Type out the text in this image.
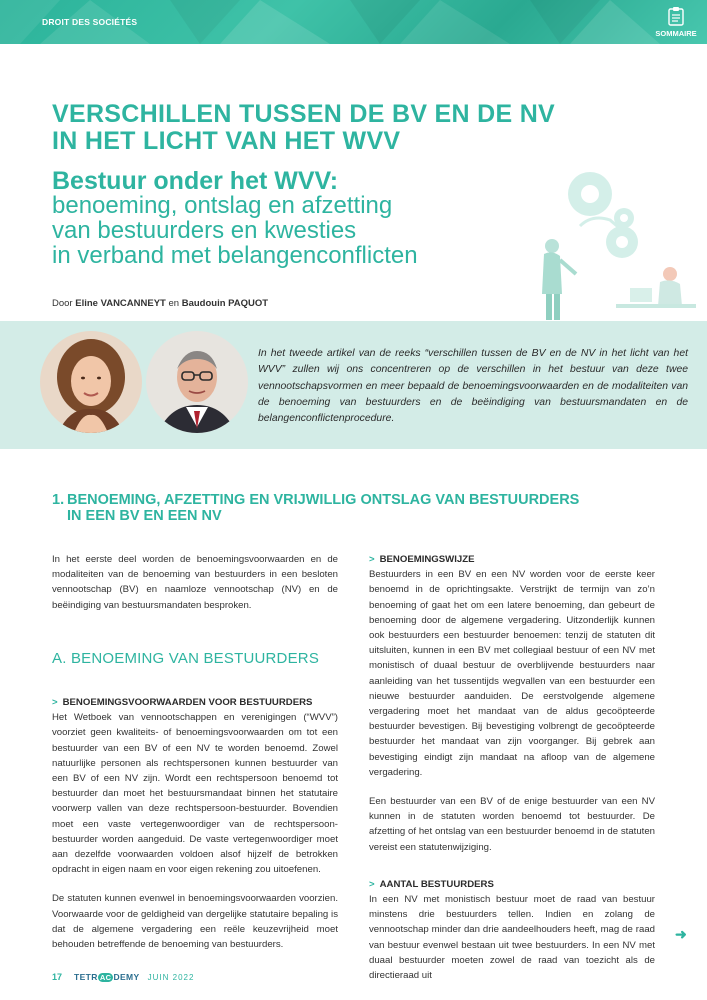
DROIT DES SOCIÉTÉS
SOMMAIRE
VERSCHILLEN TUSSEN DE BV EN DE NV
IN HET LICHT VAN HET WVV
Bestuur onder het WVV:
benoeming, ontslag en afzetting
van bestuurders en kwesties
in verband met belangenconflicten
Door Eline VANCANNEYT en Baudouin PAQUOT
In het tweede artikel van de reeks “verschillen tussen de BV en de NV in het licht van het WVV” zullen wij ons concentreren op de verschillen in het bestuur van deze twee vennootschapsvormen en meer bepaald de benoemingsvoorwaarden en de modaliteiten van de benoeming van bestuurders en de beëindiging van bestuursmandaten en de belangenconflictenprocedure.
1. BENOEMING, AFZETTING EN VRIJWILLIG ONTSLAG VAN BESTUURDERS
IN EEN BV EN EEN NV
In het eerste deel worden de benoemingsvoorwaarden en de modaliteiten van de benoeming van bestuurders in een besloten vennootschap (BV) en naamloze vennootschap (NV) en de beëindiging van bestuursmandaten besproken.
A. BENOEMING VAN BESTUURDERS
> BENOEMINGSVOORWAARDEN VOOR BESTUURDERS
Het Wetboek van vennootschappen en verenigingen (“WVV”) voorziet geen kwaliteits- of benoemingsvoorwaarden om tot een bestuurder van een BV of een NV te worden benoemd. Zowel natuurlijke personen als rechtspersonen kunnen bestuurder van een BV of een NV zijn. Wordt een rechtspersoon benoemd tot bestuurder dan moet het bestuursmandaat binnen het statutaire voorwerp vallen van deze rechtspersoon-bestuurder. Bovendien moet een vaste vertegenwoordiger van de rechtspersoon-bestuurder worden aangeduid. De vaste vertegenwoordiger moet aan dezelfde voorwaarden voldoen alsof hijzelf de betrokken opdracht in eigen naam en voor eigen rekening zou uitoefenen.
De statuten kunnen evenwel in benoemingsvoorwaarden voorzien. Voorwaarde voor de geldigheid van dergelijke statutaire bepaling is dat de algemene vergadering een reële keuzevrijheid moet behouden betreffende de benoeming van bestuurders.
> BENOEMINGSWIJZE
Bestuurders in een BV en een NV worden voor de eerste keer benoemd in de oprichtingsakte. Verstrijkt de termijn van zo’n benoeming of gaat het om een latere benoeming, dan gebeurt de benoeming door de algemene vergadering. Uitzonderlijk kunnen ook bestuurders een bestuurder benoemen: tenzij de statuten dit uitsluiten, kunnen in een BV met collegiaal bestuur of een NV met monistisch of duaal bestuur de overblijvende bestuurders naar aanleiding van het tussentijds wegvallen van een bestuurder een nieuwe bestuurder aanduiden. De eerstvolgende algemene vergadering moet het mandaat van de aldus gecoöpteerde bestuurder bevestigen. Bij bevestiging volbrengt de gecoöpteerde bestuurder het mandaat van zijn voorganger. Bij gebrek aan bevestiging eindigt zijn mandaat na afloop van de algemene vergadering.
Een bestuurder van een BV of de enige bestuurder van een NV kunnen in de statuten worden benoemd tot bestuurder. De afzetting of het ontslag van een bestuurder benoemd in de statuten vereist een statutenwijziging.
> AANTAL BESTUURDERS
In een NV met monistisch bestuur moet de raad van bestuur minstens drie bestuurders tellen. Indien en zolang de vennootschap minder dan drie aandeelhouders heeft, mag de raad van bestuur evenwel bestaan uit twee bestuurders. In een NV met duaal bestuurder moeten zowel de raad van toezicht als de directieraad uit
➜
17 TETR AC DEMY JUIN 2022
